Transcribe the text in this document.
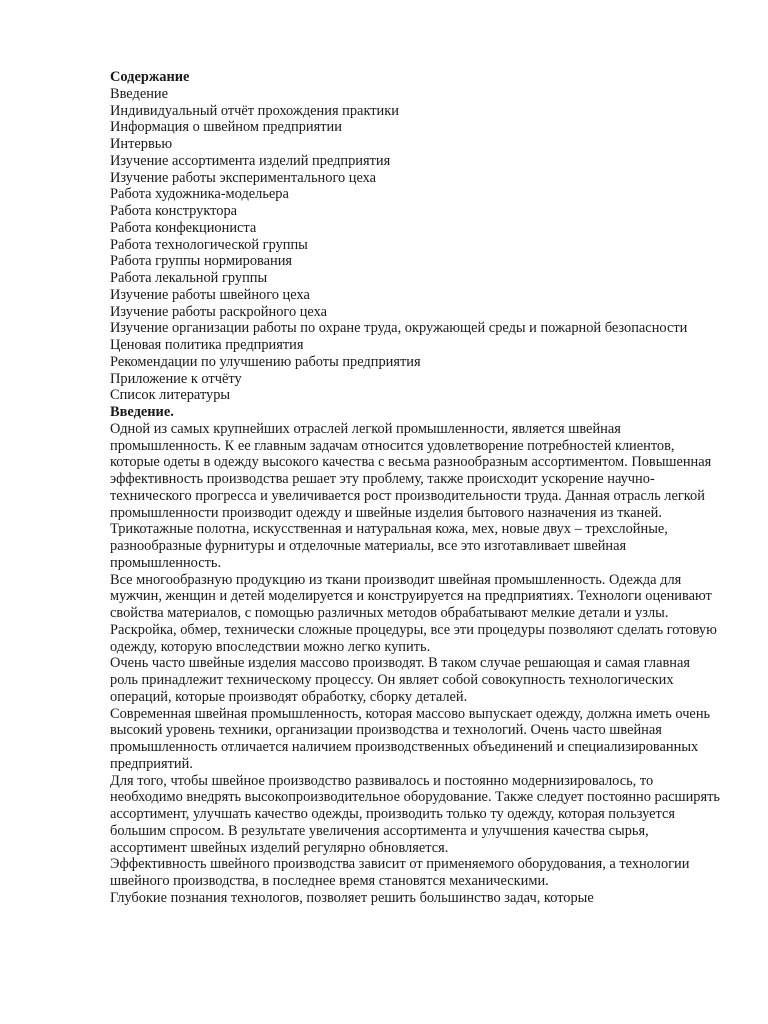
Содержание

Введение
Индивидуальный отчёт прохождения практики
Информация о швейном предприятии
Интервью
Изучение ассортимента изделий предприятия
Изучение работы экспериментального цеха
Работа художника-модельера
Работа конструктора
Работа конфекциониста
Работа технологической группы
Работа группы нормирования
Работа лекальной группы
Изучение работы швейного цеха
Изучение работы раскройного цеха
Изучение организации работы по охране труда, окружающей среды и пожарной безопасности
Ценовая политика предприятия
Рекомендации по улучшению работы предприятия
Приложение к отчёту
Список литературы

Введение.

Одной из самых крупнейших отраслей легкой промышленности, является швейная промышленность. К ее главным задачам относится удовлетворение потребностей клиентов, которые одеты в одежду высокого качества с весьма разнообразным ассортиментом. Повышенная эффективность производства решает эту проблему, также происходит ускорение научно-технического прогресса и увеличивается рост производительности труда. Данная отрасль легкой промышленности производит одежду и швейные изделия бытового назначения из тканей. Трикотажные полотна, искусственная и натуральная кожа, мех, новые двух – трехслойные, разнообразные фурнитуры и отделочные материалы, все это изготавливает швейная промышленность.

Все многообразную продукцию из ткани производит швейная промышленность. Одежда для мужчин, женщин и детей моделируется и конструируется на предприятиях. Технологи оценивают свойства материалов, с помощью различных методов обрабатывают мелкие детали и узлы. Раскройка, обмер, технически сложные процедуры, все эти процедуры позволяют сделать готовую одежду, которую впоследствии можно легко купить.

Очень часто швейные изделия массово производят. В таком случае решающая и самая главная роль принадлежит техническому процессу. Он являет собой совокупность технологических операций, которые производят обработку, сборку деталей.

Современная швейная промышленность, которая массово выпускает одежду, должна иметь очень высокий уровень техники, организации производства и технологий. Очень часто швейная промышленность отличается наличием производственных объединений и специализированных предприятий.

Для того, чтобы швейное производство развивалось и постоянно модернизировалось, то необходимо внедрять высокопроизводительное оборудование. Также следует постоянно расширять ассортимент, улучшать качество одежды, производить только ту одежду, которая пользуется большим спросом. В результате увеличения ассортимента и улучшения качества сырья, ассортимент швейных изделий регулярно обновляется.

Эффективность швейного производства зависит от применяемого оборудования, а технологии швейного производства, в последнее время становятся механическими.

Глубокие познания технологов, позволяет решить большинство задач, которые
